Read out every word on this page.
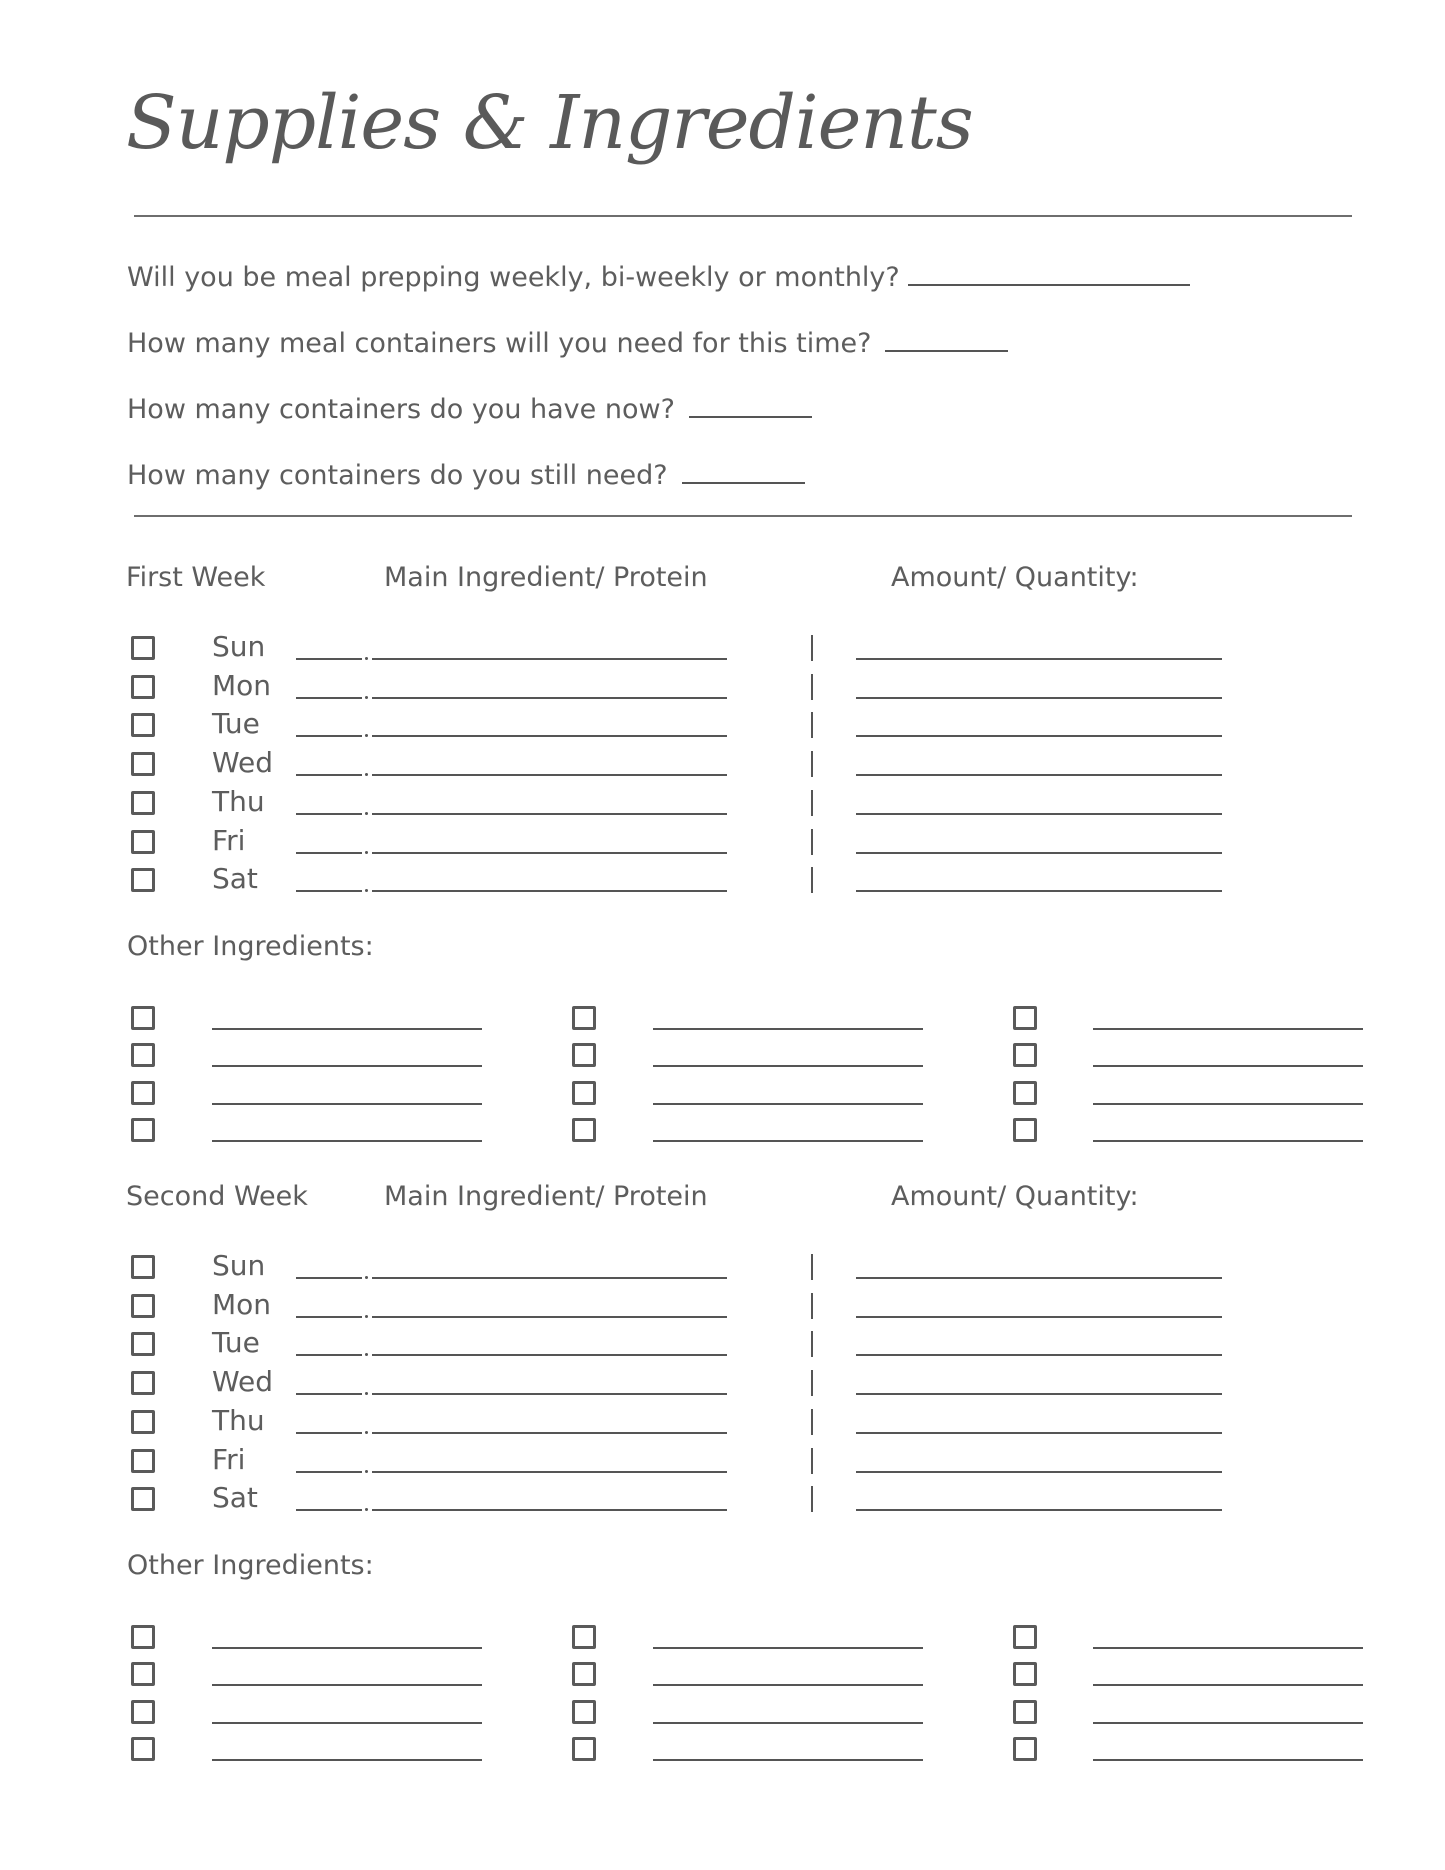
Supplies & Ingredients
Will you be meal prepping weekly, bi-weekly or monthly?
How many meal containers will you need for this time?
How many containers do you have now?
How many containers do you still need?
First Week	Main Ingredient/ Protein	Amount/ Quantity:
Other Ingredients:
Sun
Mon
Tue
Wed
Thu
Fri
Sat
Second Week	Main Ingredient/ Protein	Amount/ Quantity:
Other Ingredients:
Sun
Mon
Tue
Wed
Thu
Fri
Sat
